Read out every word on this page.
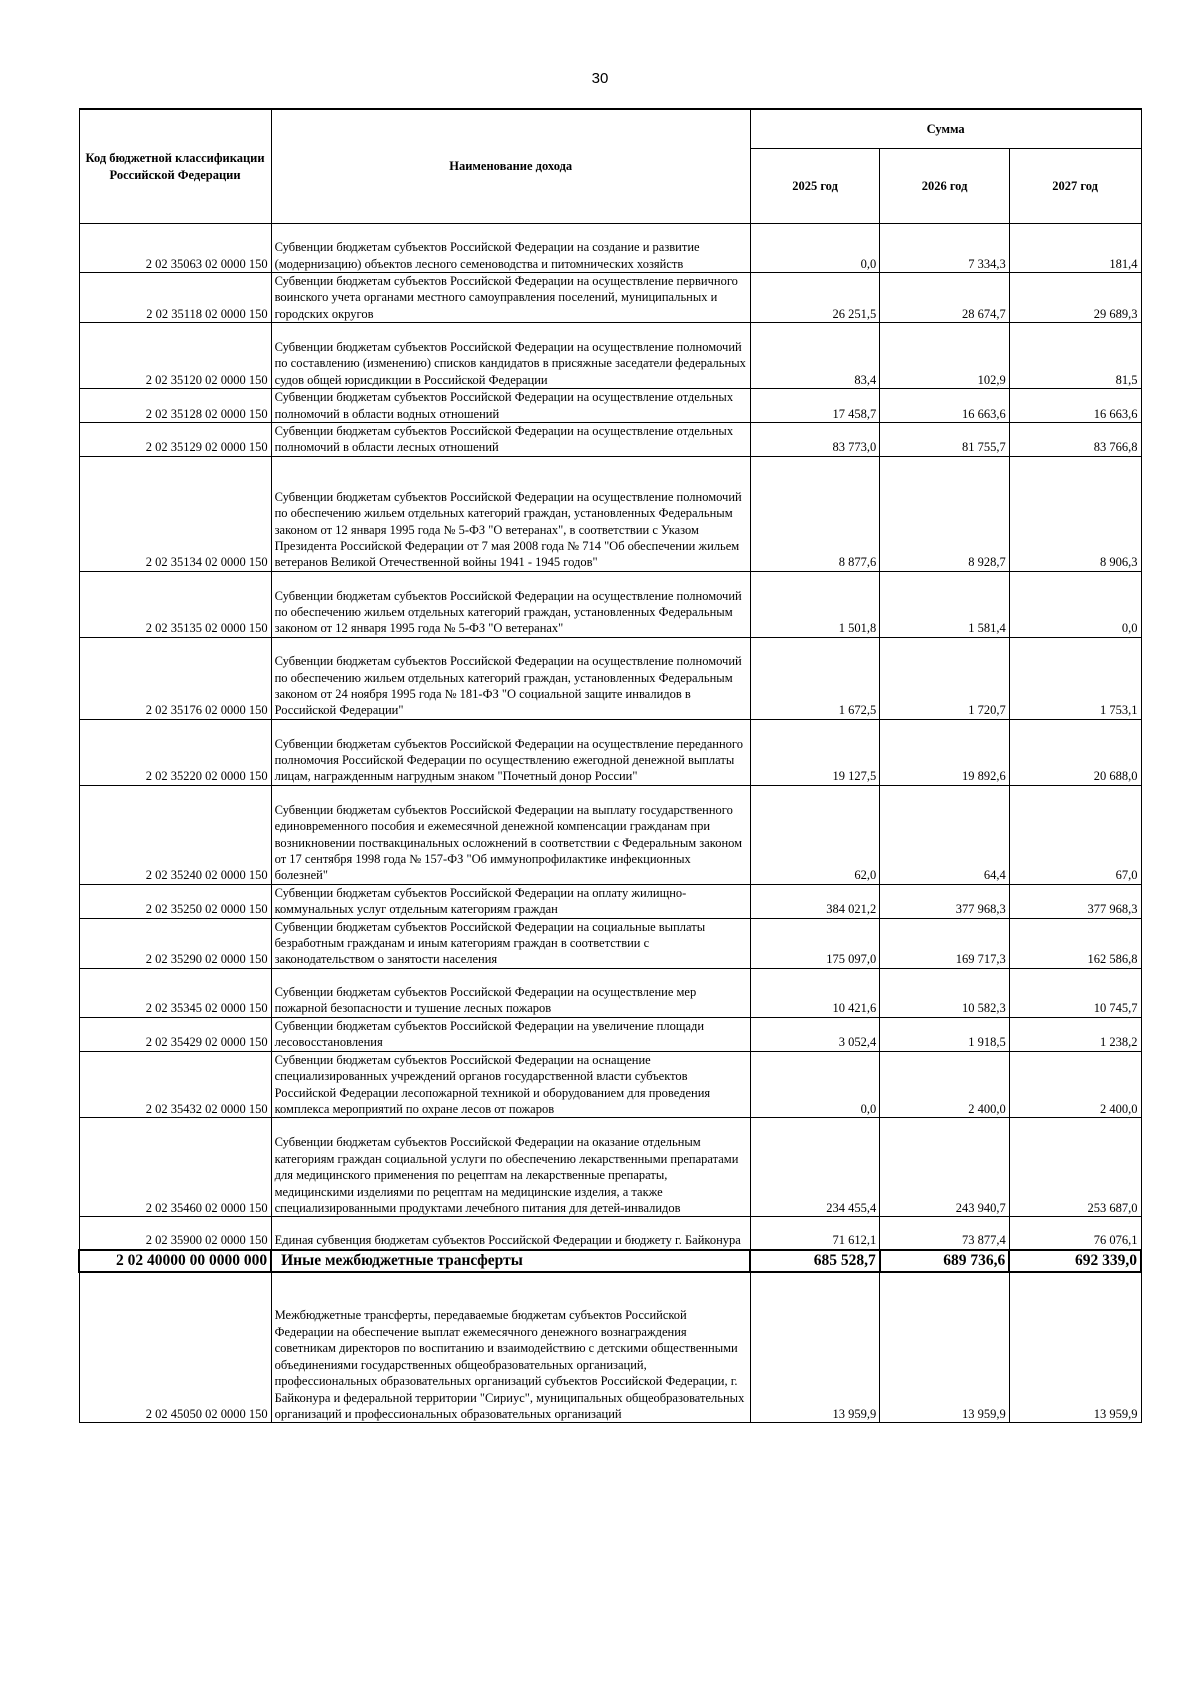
30
Код бюджетной классификации Российской Федерации	Наименование дохода	Сумма		
		2025 год	2026 год	2027 год
2 02 35063 02 0000 150	Субвенции бюджетам субъектов Российской Федерации на создание и развитие (модернизацию) объектов лесного семеноводства и питомнических хозяйств	0,0	7 334,3	181,4
2 02 35118 02 0000 150	Субвенции бюджетам субъектов Российской Федерации на осуществление первичного воинского учета органами местного самоуправления поселений, муниципальных и городских округов	26 251,5	28 674,7	29 689,3
2 02 35120 02 0000 150	Субвенции бюджетам субъектов Российской Федерации на осуществление полномочий по составлению (изменению) списков кандидатов в присяжные заседатели федеральных судов общей юрисдикции в Российской Федерации	83,4	102,9	81,5
2 02 35128 02 0000 150	Субвенции бюджетам субъектов Российской Федерации на осуществление отдельных полномочий в области водных отношений	17 458,7	16 663,6	16 663,6
2 02 35129 02 0000 150	Субвенции бюджетам субъектов Российской Федерации на осуществление отдельных полномочий в области лесных отношений	83 773,0	81 755,7	83 766,8
2 02 35134 02 0000 150	Субвенции бюджетам субъектов Российской Федерации на осуществление полномочий по обеспечению жильем отдельных категорий граждан, установленных Федеральным законом от 12 января 1995 года № 5-ФЗ "О ветеранах", в соответствии с Указом Президента Российской Федерации от 7 мая 2008 года № 714 "Об обеспечении жильем ветеранов Великой Отечественной войны 1941 - 1945 годов"	8 877,6	8 928,7	8 906,3
2 02 35135 02 0000 150	Субвенции бюджетам субъектов Российской Федерации на осуществление полномочий по обеспечению жильем отдельных категорий граждан, установленных Федеральным законом от 12 января 1995 года № 5-ФЗ "О ветеранах"	1 501,8	1 581,4	0,0
2 02 35176 02 0000 150	Субвенции бюджетам субъектов Российской Федерации на осуществление полномочий по обеспечению жильем отдельных категорий граждан, установленных Федеральным законом от 24 ноября 1995 года № 181-ФЗ "О социальной защите инвалидов в Российской Федерации"	1 672,5	1 720,7	1 753,1
2 02 35220 02 0000 150	Субвенции бюджетам субъектов Российской Федерации на осуществление переданного полномочия Российской Федерации по осуществлению ежегодной денежной выплаты лицам, награжденным нагрудным знаком "Почетный донор России"	19 127,5	19 892,6	20 688,0
2 02 35240 02 0000 150	Субвенции бюджетам субъектов Российской Федерации на выплату государственного единовременного пособия и ежемесячной денежной компенсации гражданам при возникновении поствакцинальных осложнений в соответствии с Федеральным законом от 17 сентября 1998 года № 157-ФЗ "Об иммунопрофилактике инфекционных болезней"	62,0	64,4	67,0
2 02 35250 02 0000 150	Субвенции бюджетам субъектов Российской Федерации на оплату жилищно-коммунальных услуг отдельным категориям граждан	384 021,2	377 968,3	377 968,3
2 02 35290 02 0000 150	Субвенции бюджетам субъектов Российской Федерации на социальные выплаты безработным гражданам и иным категориям граждан в соответствии с законодательством о занятости населения	175 097,0	169 717,3	162 586,8
2 02 35345 02 0000 150	Субвенции бюджетам субъектов Российской Федерации на осуществление мер пожарной безопасности и тушение лесных пожаров	10 421,6	10 582,3	10 745,7
2 02 35429 02 0000 150	Субвенции бюджетам субъектов Российской Федерации на увеличение площади лесовосстановления	3 052,4	1 918,5	1 238,2
2 02 35432 02 0000 150	Субвенции бюджетам субъектов Российской Федерации на оснащение специализированных учреждений органов государственной власти субъектов Российской Федерации лесопожарной техникой и оборудованием для проведения комплекса мероприятий по охране лесов от пожаров	0,0	2 400,0	2 400,0
2 02 35460 02 0000 150	Субвенции бюджетам субъектов Российской Федерации на оказание отдельным категориям граждан социальной услуги по обеспечению лекарственными препаратами для медицинского применения по рецептам на лекарственные препараты, медицинскими изделиями по рецептам на медицинские изделия, а также специализированными продуктами лечебного питания для детей-инвалидов	234 455,4	243 940,7	253 687,0
2 02 35900 02 0000 150	Единая субвенция бюджетам субъектов Российской Федерации и бюджету г. Байконура	71 612,1	73 877,4	76 076,1
2 02 40000 00 0000 000	Иные межбюджетные трансферты	685 528,7	689 736,6	692 339,0
2 02 45050 02 0000 150	Межбюджетные трансферты, передаваемые бюджетам субъектов Российской Федерации на обеспечение выплат ежемесячного денежного вознаграждения советникам директоров по воспитанию и взаимодействию с детскими общественными объединениями государственных общеобразовательных организаций, профессиональных образовательных организаций субъектов Российской Федерации, г. Байконура и федеральной территории "Сириус", муниципальных общеобразовательных организаций и профессиональных образовательных организаций	13 959,9	13 959,9	13 959,9
